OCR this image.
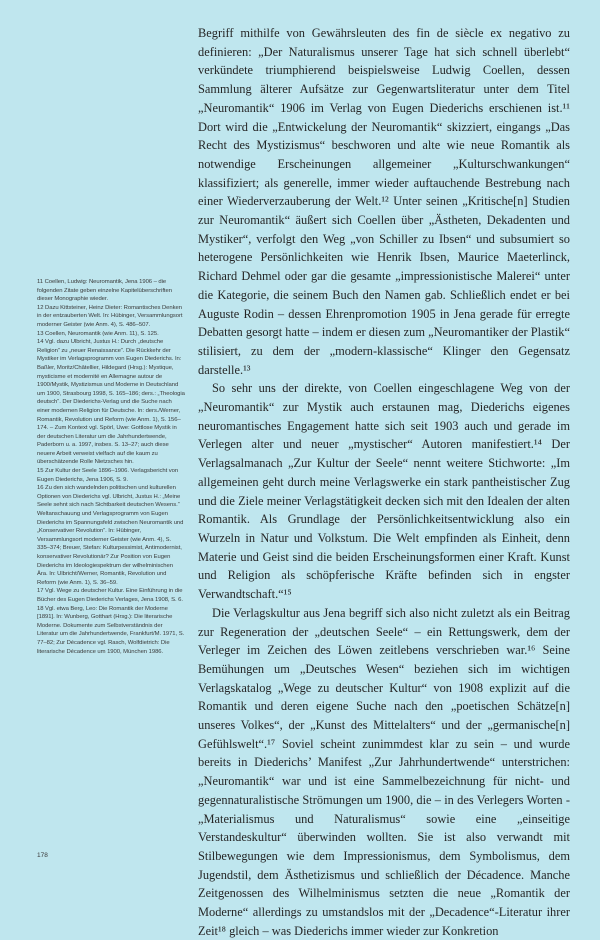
11 Coellen, Ludwig: Neuromantik, Jena 1906 – die folgenden Zitate geben einzelne Kapitelüberschriften dieser Monographie wieder.

12 Dazu Kittsteiner, Heinz Dieter: Romantisches Denken in der entzauberten Welt. In: Hübinger, Versammlungsort moderner Geister (wie Anm. 4), S. 486–507.

13 Coellen, Neuromantik (wie Anm. 11), S. 125.

14 Vgl. dazu Ulbricht, Justus H.: Durch „deutsche Religion“ zu „neuer Renaissance“. Die Rückkehr der Mystiker im Verlagsprogramm von Eugen Diederichs. In: Baßler, Moritz/Châtellier, Hildegard (Hrsg.): Mystique, mysticisme et modernité en Allemagne autour de 1900/Mystik, Mystizismus und Moderne in Deutschland um 1900, Strasbourg 1998, S. 165–186; ders.: „Theologia deutsch“. Der Diederichs-Verlag und die Suche nach einer modernen Religion für Deutsche. In: ders./Werner, Romantik, Revolution und Reform (wie Anm. 1), S. 156–174. – Zum Kontext vgl. Spörl, Uwe: Gottlose Mystik in der deutschen Literatur um die Jahrhundertwende, Paderborn u. a. 1997, insbes. S. 13–27; auch diese neuere Arbeit verweist vielfach auf die kaum zu überschätzende Rolle Nietzsches hin.

15 Zur Kultur der Seele 1896–1906. Verlagsbericht von Eugen Diederichs, Jena 1906, S. 9.

16 Zu den sich wandelnden politischen und kulturellen Optionen von Diederichs vgl. Ulbricht, Justus H.: „Meine Seele sehnt sich nach Sichtbarkeit deutschen Wesens.“ Weltanschauung und Verlagsprogramm von Eugen Diederichs im Spannungsfeld zwischen Neuromantik und „Konservativer Revolution“. In: Hübinger, Versammlungsort moderner Geister (wie Anm. 4), S. 335–374; Breuer, Stefan: Kulturpessimist, Antimodernist, konservativer Revolutionär? Zur Position von Eugen Diederichs im Ideologiespektrum der wilhelminischen Ära. In: Ulbricht/Werner, Romantik, Revolution und Reform (wie Anm. 1), S. 36–59.

17 Vgl. Wege zu deutscher Kultur. Eine Einführung in die Bücher des Eugen Diederichs Verlages, Jena 1908, S. 6.

18 Vgl. etwa Berg, Leo: Die Romantik der Moderne [1891]. In: Wunberg, Gotthart (Hrsg.): Die literarische Moderne. Dokumente zum Selbstverständnis der Literatur um die Jahrhundertwende, Frankfurt/M. 1971, S. 77–82; Zur Décadence vgl. Rasch, Wolfdietrich: Die literarische Décadence um 1900, München 1986.

Begriff mithilfe von Gewährsleuten des fin de siècle ex negativo zu definieren: „Der Naturalismus unserer Tage hat sich schnell überlebt“ verkündete triumphierend beispielsweise Ludwig Coellen, dessen Sammlung älterer Aufsätze zur Gegenwartsliteratur unter dem Titel „Neuromantik“ 1906 im Verlag von Eugen Diederichs erschienen ist.¹¹ Dort wird die „Entwickelung der Neuromantik“ skizziert, eingangs „Das Recht des Mystizismus“ beschworen und alte wie neue Romantik als notwendige Erscheinungen allgemeiner „Kulturschwankungen“ klassifiziert; als generelle, immer wieder auftauchende Bestrebung nach einer Wiederverzauberung der Welt.¹² Unter seinen „Kritische[n] Studien zur Neuromantik“ äußert sich Coellen über „Ästheten, Dekadenten und Mystiker“, verfolgt den Weg „von Schiller zu Ibsen“ und subsumiert so heterogene Persönlichkeiten wie Henrik Ibsen, Maurice Maeterlinck, Richard Dehmel oder gar die gesamte „impressionistische Malerei“ unter die Kategorie, die seinem Buch den Namen gab. Schließlich endet er bei Auguste Rodin – dessen Ehrenpromotion 1905 in Jena gerade für erregte Debatten gesorgt hatte – indem er diesen zum „Neuromantiker der Plastik“ stilisiert, zu dem der „modern-klassische“ Klinger den Gegensatz darstelle.¹³

So sehr uns der direkte, von Coellen eingeschlagene Weg von der „Neuromantik“ zur Mystik auch erstaunen mag, Diederichs eigenes neuromantisches Engagement hatte sich seit 1903 auch und gerade im Verlegen alter und neuer „mystischer“ Autoren manifestiert.¹⁴ Der Verlagsalmanach „Zur Kultur der Seele“ nennt weitere Stichworte: „Im allgemeinen geht durch meine Verlagswerke ein stark pantheistischer Zug und die Ziele meiner Verlagstätigkeit decken sich mit den Idealen der alten Romantik. Als Grundlage der Persönlichkeitsentwicklung also ein Wurzeln in Natur und Volkstum. Die Welt empfinden als Einheit, denn Materie und Geist sind die beiden Erscheinungsformen einer Kraft. Kunst und Religion als schöpferische Kräfte befinden sich in engster Verwandtschaft.“¹⁵

Die Verlagskultur aus Jena begriff sich also nicht zuletzt als ein Beitrag zur Regeneration der „deutschen Seele“ – ein Rettungswerk, dem der Verleger im Zeichen des Löwen zeitlebens verschrieben war.¹⁶ Seine Bemühungen um „Deutsches Wesen“ beziehen sich im wichtigen Verlagskatalog „Wege zu deutscher Kultur“ von 1908 explizit auf die Romantik und deren eigene Suche nach den „poetischen Schätze[n] unseres Volkes“, der „Kunst des Mittelalters“ und der „germanische[n] Gefühlswelt“.¹⁷ Soviel scheint zunimmdest klar zu sein – und wurde bereits in Diederichs’ Manifest „Zur Jahrhundertwende“ unterstrichen: „Neuromantik“ war und ist eine Sammelbezeichnung für nicht- und gegennaturalistische Strömungen um 1900, die – in des Verlegers Worten - „Materialismus und Naturalismus“ sowie eine „einseitige Verstandeskultur“ überwinden wollten. Sie ist also verwandt mit Stilbewegungen wie dem Impressionismus, dem Symbolismus, dem Jugendstil, dem Ästhetizismus und schließlich der Décadence. Manche Zeitgenossen des Wilhelminismus setzten die neue „Romantik der Moderne“ allerdings zu umstandslos mit der „Decadence“-Literatur ihrer Zeit¹⁸ gleich – was Diederichs immer wieder zur Konkretion

178
